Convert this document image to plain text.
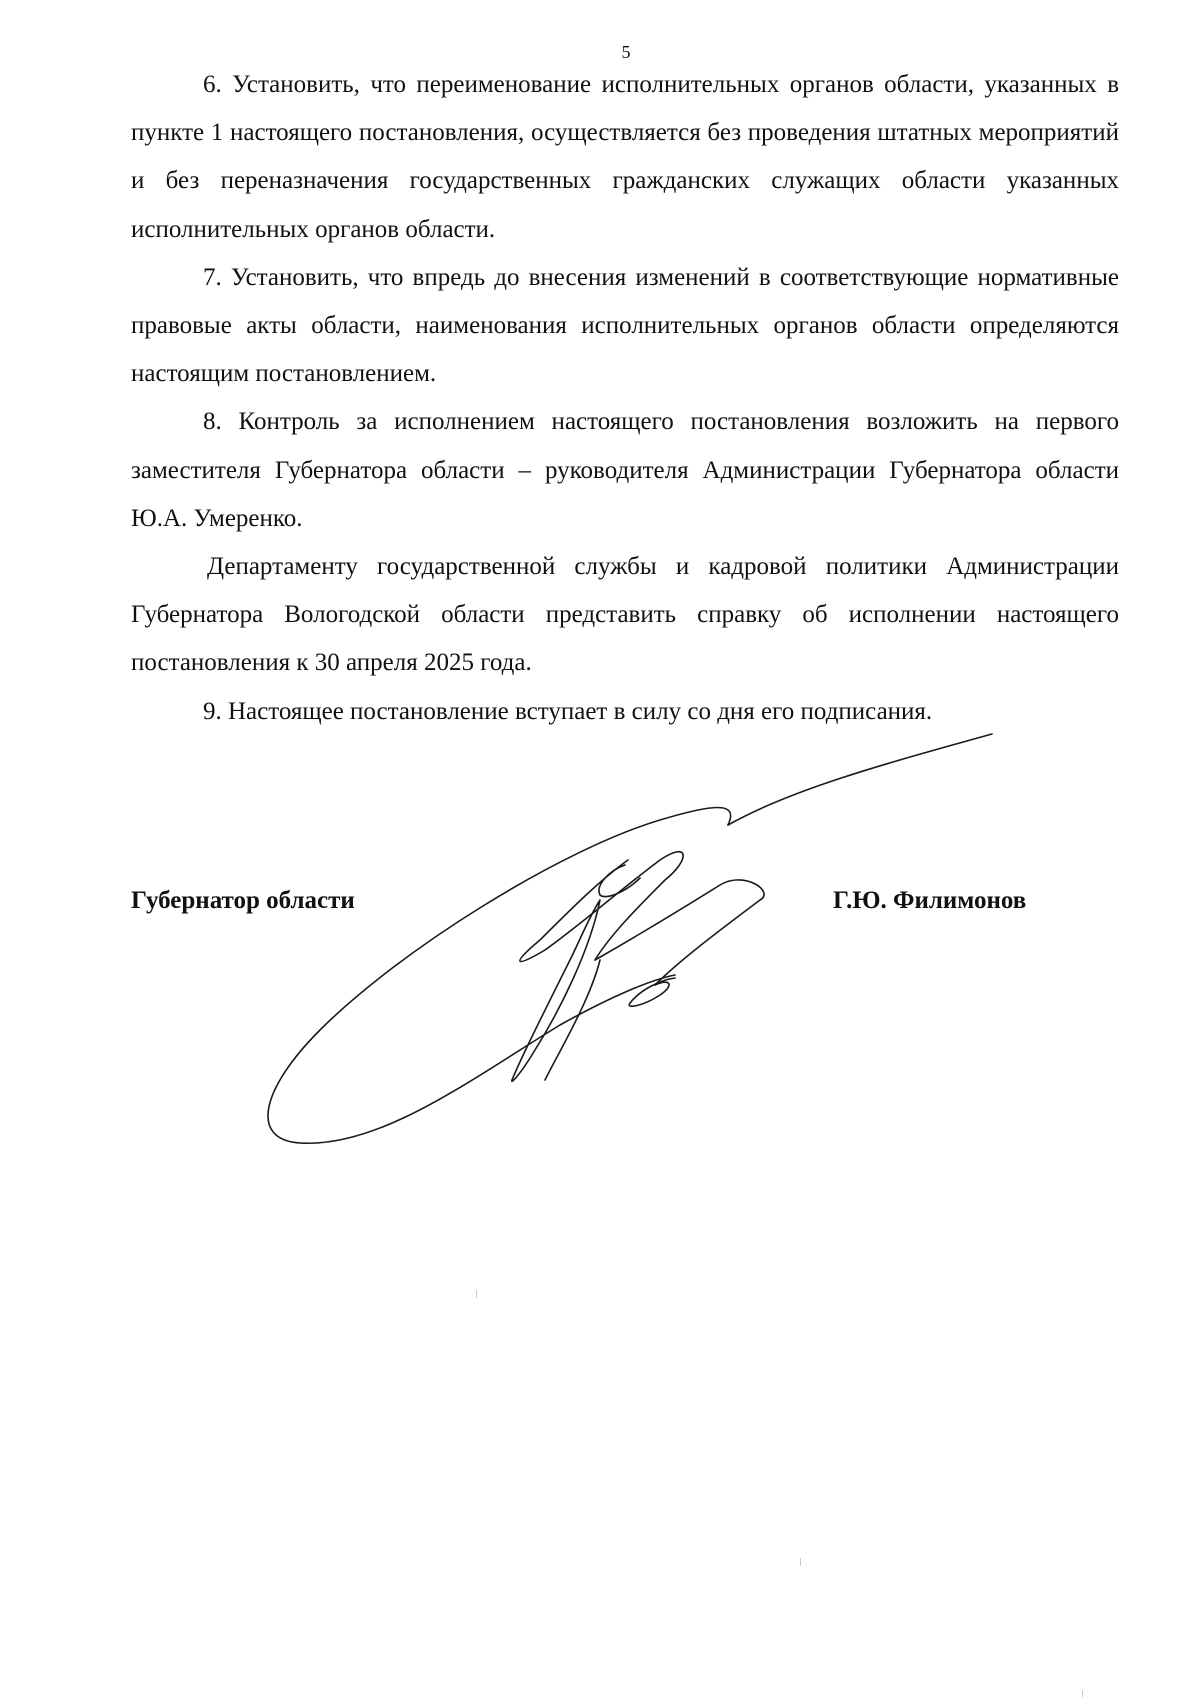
5

6. Установить, что переименование исполнительных органов области, указанных в пункте 1 настоящего постановления, осуществляется без проведения штатных мероприятий и без переназначения государственных гражданских служащих области указанных исполнительных органов области.

7. Установить, что впредь до внесения изменений в соответствующие нормативные правовые акты области, наименования исполнительных органов области определяются настоящим постановлением.

8. Контроль за исполнением настоящего постановления возложить на первого заместителя Губернатора области – руководителя Администрации Губернатора области Ю.А. Умеренко.

Департаменту государственной службы и кадровой политики Администрации Губернатора Вологодской области представить справку об исполнении настоящего постановления к 30 апреля 2025 года.

9. Настоящее постановление вступает в силу со дня его подписания.

Губернатор области	Г.Ю. Филимонов
